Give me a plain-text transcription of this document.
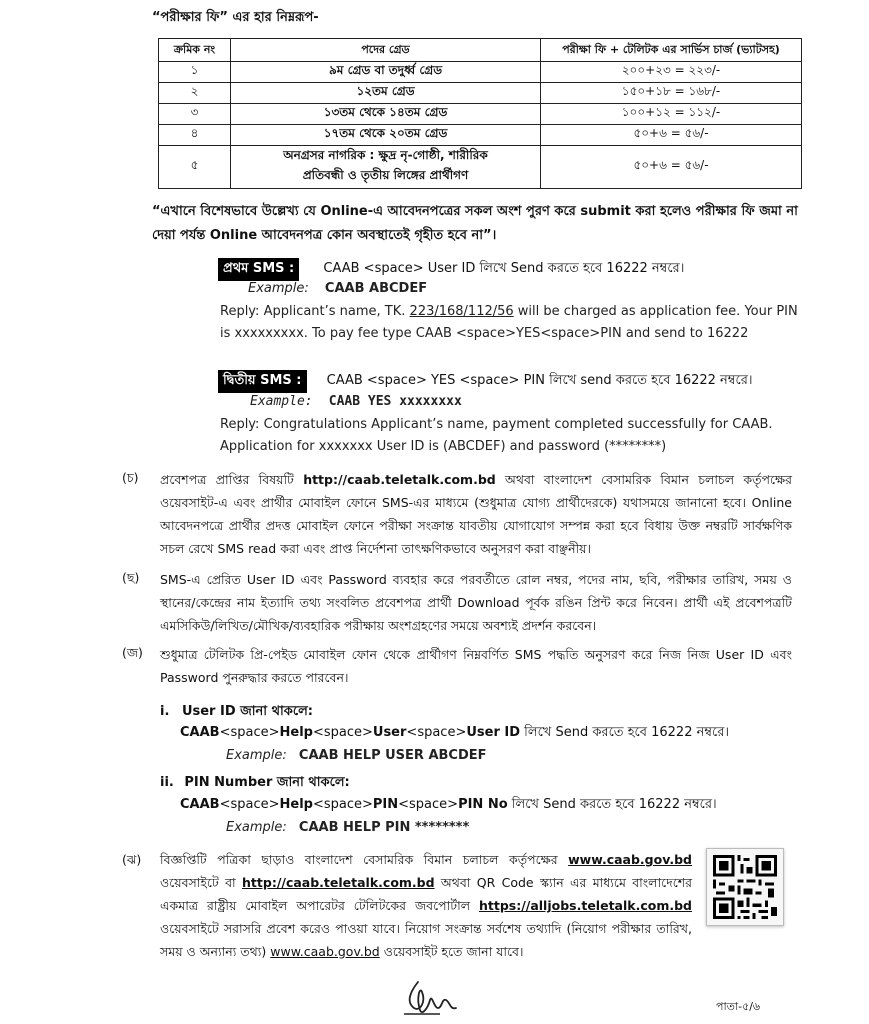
“পরীক্ষার ফি” এর হার নিম্নরূপ-
ক্রমিক নং	পদের গ্রেড	পরীক্ষা ফি + টেলিটক এর সার্ভিস চার্জ (ভ্যাটসহ)
১	৯ম গ্রেড বা তদুর্ধ্ব গ্রেড	২০০+২৩ = ২২৩/-
২	১২তম গ্রেড	১৫০+১৮ = ১৬৮/-
৩	১৩তম থেকে ১৪তম গ্রেড	১০০+১২ = ১১২/-
৪	১৭তম থেকে ২০তম গ্রেড	৫০+৬ = ৫৬/-
৫	অনগ্রসর নাগরিক : ক্ষুদ্র নৃ-গোষ্ঠী, শারীরিক প্রতিবন্ধী ও তৃতীয় লিঙ্গের প্রার্থীগণ	৫০+৬ = ৫৬/-
“এখানে বিশেষভাবে উল্লেখ্য যে Online-এ আবেদনপত্রের সকল অংশ পুরণ করে submit করা হলেও পরীক্ষার ফি জমা না দেয়া পর্যন্ত Online আবেদনপত্র কোন অবস্থাতেই গৃহীত হবে না”।
প্রথম SMS : CAAB <space> User ID লিখে Send করতে হবে 16222 নম্বরে।
Example: CAAB ABCDEF
Reply: Applicant’s name, TK. 223/168/112/56 will be charged as application fee. Your PIN is xxxxxxxxx. To pay fee type CAAB <space>YES<space>PIN and send to 16222
দ্বিতীয় SMS : CAAB <space> YES <space> PIN লিখে send করতে হবে 16222 নম্বরে।
Example: CAAB YES xxxxxxxx
Reply: Congratulations Applicant’s name, payment completed successfully for CAAB. Application for xxxxxxx User ID is (ABCDEF) and password (********)
(চ) প্রবেশপত্র প্রাপ্তির বিষয়টি http://caab.teletalk.com.bd অথবা বাংলাদেশ বেসামরিক বিমান চলাচল কর্তৃপক্ষের ওয়েবসাইট-এ এবং প্রার্থীর মোবাইল ফোনে SMS-এর মাধ্যমে (শুধুমাত্র যোগ্য প্রার্থীদেরকে) যথাসময়ে জানানো হবে। Online আবেদনপত্রে প্রার্থীর প্রদত্ত মোবাইল ফোনে পরীক্ষা সংক্রান্ত যাবতীয় যোগাযোগ সম্পন্ন করা হবে বিধায় উক্ত নম্বরটি সার্বক্ষণিক সচল রেখে SMS read করা এবং প্রাপ্ত নির্দেশনা তাৎক্ষণিকভাবে অনুসরণ করা বাঞ্ছনীয়।
(ছ) SMS-এ প্রেরিত User ID এবং Password ব্যবহার করে পরবর্তীতে রোল নম্বর, পদের নাম, ছবি, পরীক্ষার তারিখ, সময় ও স্থানের/কেন্দ্রের নাম ইত্যাদি তথ্য সংবলিত প্রবেশপত্র প্রার্থী Download পূর্বক রঙিন প্রিন্ট করে নিবেন। প্রার্থী এই প্রবেশপত্রটি এমসিকিউ/লিখিত/মৌখিক/ব্যবহারিক পরীক্ষায় অংশগ্রহণের সময়ে অবশ্যই প্রদর্শন করবেন।
(জ) শুধুমাত্র টেলিটক প্রি-পেইড মোবাইল ফোন থেকে প্রার্থীগণ নিম্নবর্ণিত SMS পদ্ধতি অনুসরণ করে নিজ নিজ User ID এবং Password পুনরুদ্ধার করতে পারবেন।
i. User ID জানা থাকলে:
CAAB<space>Help<space>User<space>User ID লিখে Send করতে হবে 16222 নম্বরে।
Example: CAAB HELP USER ABCDEF
ii. PIN Number জানা থাকলে:
CAAB<space>Help<space>PIN<space>PIN No লিখে Send করতে হবে 16222 নম্বরে।
Example: CAAB HELP PIN ********
(ঝ) বিজ্ঞপ্তিটি পত্রিকা ছাড়াও বাংলাদেশ বেসামরিক বিমান চলাচল কর্তৃপক্ষের www.caab.gov.bd ওয়েবসাইটে বা http://caab.teletalk.com.bd অথবা QR Code স্ক্যান এর মাধ্যমে বাংলাদেশের একমাত্র রাষ্ট্রীয় মোবাইল অপারেটর টেলিটকের জবপোর্টাল https://alljobs.teletalk.com.bd ওয়েবসাইটে সরাসরি প্রবেশ করেও পাওয়া যাবে। নিয়োগ সংক্রান্ত সর্বশেষ তথ্যাদি (নিয়োগ পরীক্ষার তারিখ, সময় ও অন্যান্য তথ্য) www.caab.gov.bd ওয়েবসাইট হতে জানা যাবে।
পাতা-৫/৬
